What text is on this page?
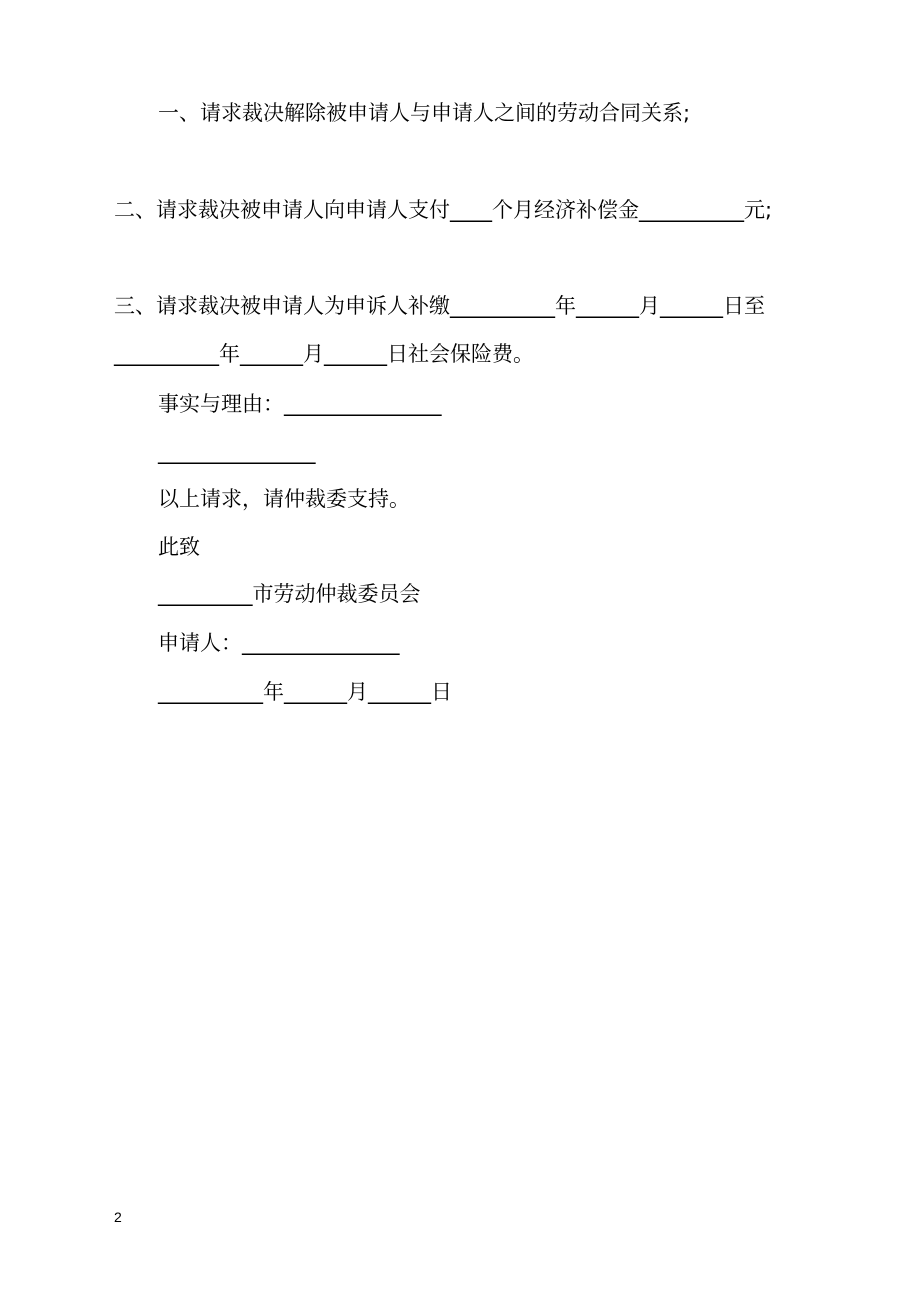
一、请求裁决解除被申请人与申请人之间的劳动合同关系;
二、请求裁决被申请人向申请人支付____个月经济补偿金__________元;
三、请求裁决被申请人为申诉人补缴__________年______月______日至
__________年______月______日社会保险费。
事实与理由：_______________
_______________
以上请求，请仲裁委支持。
此致
_________市劳动仲裁委员会
申请人：_______________
__________年______月______日
2
